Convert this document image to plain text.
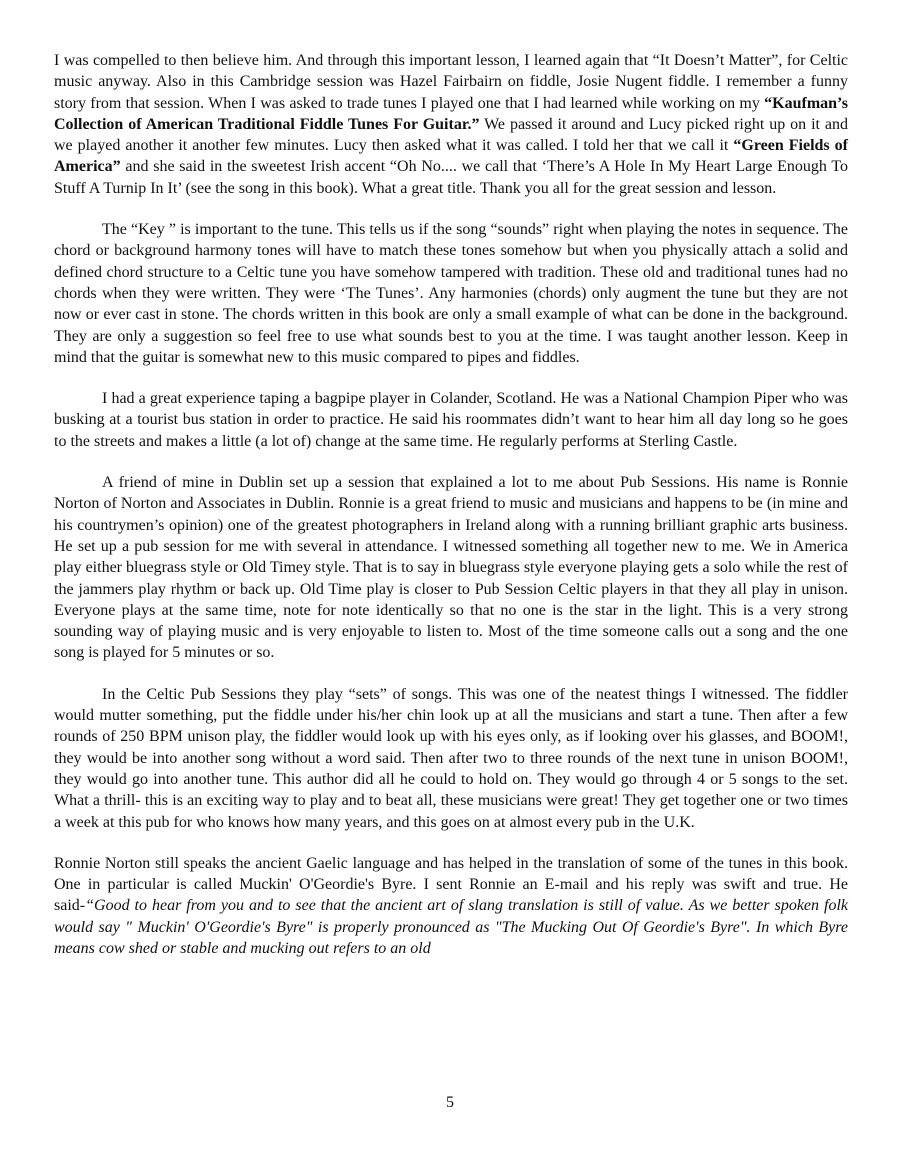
I was compelled to then believe him. And through this important lesson, I learned again that “It Doesn’t Matter”, for Celtic music anyway. Also in this Cambridge session was Hazel Fairbairn on fiddle, Josie Nugent fiddle. I remember a funny story from that session. When I was asked to trade tunes I played one that I had learned while working on my “Kaufman’s Collection of American Traditional Fiddle Tunes For Guitar.” We passed it around and Lucy picked right up on it and we played another it another few minutes. Lucy then asked what it was called. I told her that we call it “Green Fields of America” and she said in the sweetest Irish accent “Oh No.... we call that ‘There’s A Hole In My Heart Large Enough To Stuff A Turnip In It’ (see the song in this book). What a great title. Thank you all for the great session and lesson.

The “Key ” is important to the tune. This tells us if the song “sounds” right when playing the notes in sequence. The chord or background harmony tones will have to match these tones somehow but when you physically attach a solid and defined chord structure to a Celtic tune you have somehow tampered with tradition. These old and traditional tunes had no chords when they were written. They were ‘The Tunes’. Any harmonies (chords) only augment the tune but they are not now or ever cast in stone. The chords written in this book are only a small example of what can be done in the background. They are only a suggestion so feel free to use what sounds best to you at the time. I was taught another lesson. Keep in mind that the guitar is somewhat new to this music compared to pipes and fiddles.

I had a great experience taping a bagpipe player in Colander, Scotland. He was a National Champion Piper who was busking at a tourist bus station in order to practice. He said his roommates didn’t want to hear him all day long so he goes to the streets and makes a little (a lot of) change at the same time. He regularly performs at Sterling Castle.

A friend of mine in Dublin set up a session that explained a lot to me about Pub Sessions. His name is Ronnie Norton of Norton and Associates in Dublin. Ronnie is a great friend to music and musicians and happens to be (in mine and his countrymen’s opinion) one of the greatest photographers in Ireland along with a running brilliant graphic arts business. He set up a pub session for me with several in attendance. I witnessed something all together new to me. We in America play either bluegrass style or Old Timey style. That is to say in bluegrass style everyone playing gets a solo while the rest of the jammers play rhythm or back up. Old Time play is closer to Pub Session Celtic players in that they all play in unison. Everyone plays at the same time, note for note identically so that no one is the star in the light. This is a very strong sounding way of playing music and is very enjoyable to listen to. Most of the time someone calls out a song and the one song is played for 5 minutes or so.

In the Celtic Pub Sessions they play “sets” of songs. This was one of the neatest things I witnessed. The fiddler would mutter something, put the fiddle under his/her chin look up at all the musicians and start a tune. Then after a few rounds of 250 BPM unison play, the fiddler would look up with his eyes only, as if looking over his glasses, and BOOM!, they would be into another song without a word said. Then after two to three rounds of the next tune in unison BOOM!, they would go into another tune. This author did all he could to hold on. They would go through 4 or 5 songs to the set. What a thrill- this is an exciting way to play and to beat all, these musicians were great! They get together one or two times a week at this pub for who knows how many years, and this goes on at almost every pub in the U.K.

Ronnie Norton still speaks the ancient Gaelic language and has helped in the translation of some of the tunes in this book. One in particular is called Muckin' O'Geordie's Byre. I sent Ronnie an E-mail and his reply was swift and true. He said-“Good to hear from you and to see that the ancient art of slang translation is still of value. As we better spoken folk would say " Muckin' O'Geordie's Byre" is properly pronounced as "The Mucking Out Of Geordie's Byre". In which Byre means cow shed or stable and mucking out refers to an old

5
